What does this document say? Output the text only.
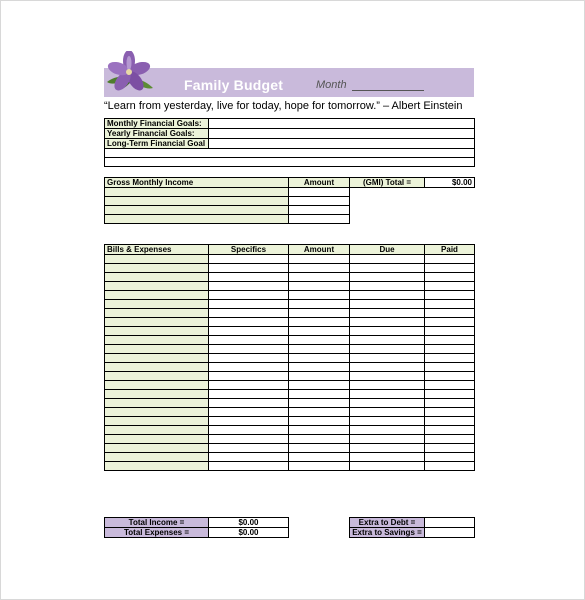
Family Budget	Month
“Learn from yesterday, live for today, hope for tomorrow.” – Albert Einstein
Monthly Financial Goals:	
Yearly Financial Goals:	
Long-Term Financial Goal	

Gross Monthly Income	Amount	(GMI) Total =	$0.00

Bills & Expenses	Specifics	Amount	Due	Paid

Total Income =	$0.00
Total Expenses =	$0.00
Extra to Debt =	
Extra to Savings =	
